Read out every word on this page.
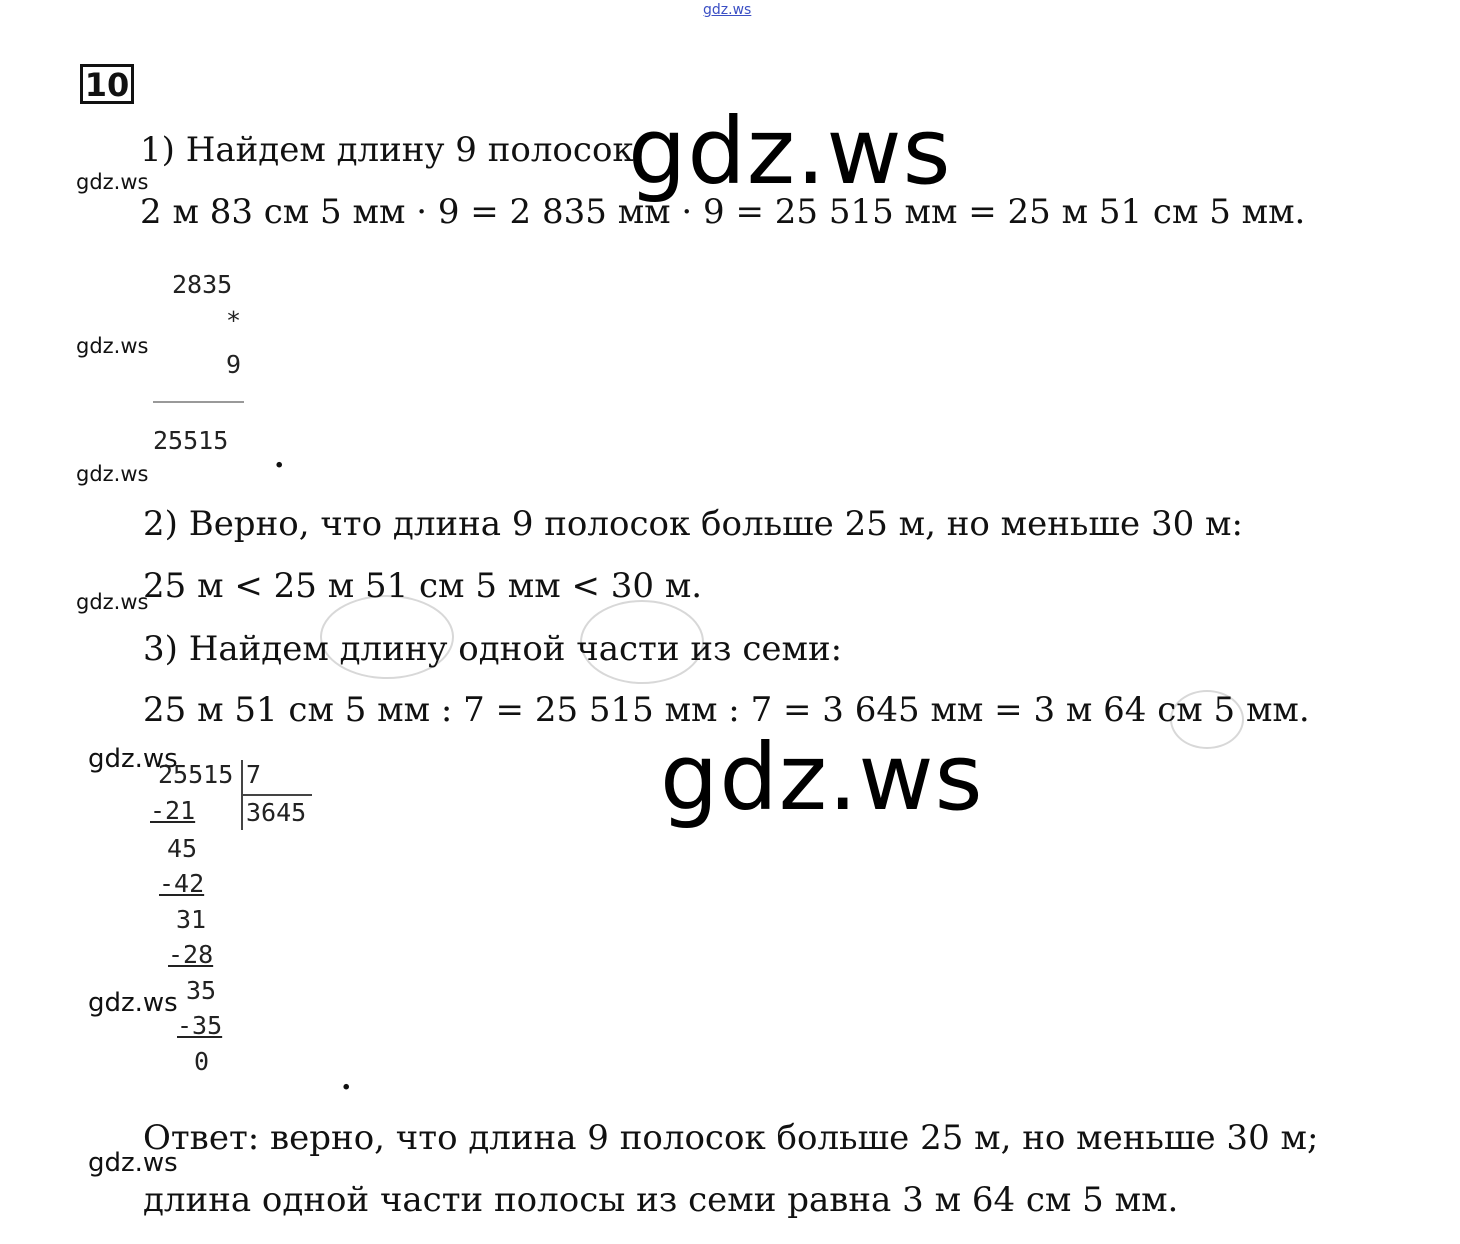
gdz.ws
10
1) Найдем длину 9 полосок:
2 м 83 см 5 мм · 9 = 2 835 мм · 9 = 25 515 мм = 25 м 51 см 5 мм.
gdz.ws
gdz.ws
gdz.ws
gdz.ws
gdz.ws
gdz.ws
gdz.ws
gdz.ws
2835
*
9
25515 .
2) Верно, что длина 9 полосок больше 25 м, но меньше 30 м:
25 м < 25 м 51 см 5 мм < 30 м.
3) Найдем длину одной части из семи:
25 м 51 см 5 мм : 7 = 25 515 мм : 7 = 3 645 мм = 3 м 64 см 5 мм.
gdz.ws
25515 7
3645
-21
45
-42
31
-28
35
-35
0
.
Ответ: верно, что длина 9 полосок больше 25 м, но меньше 30 м;
длина одной части полосы из семи равна 3 м 64 см 5 мм.
